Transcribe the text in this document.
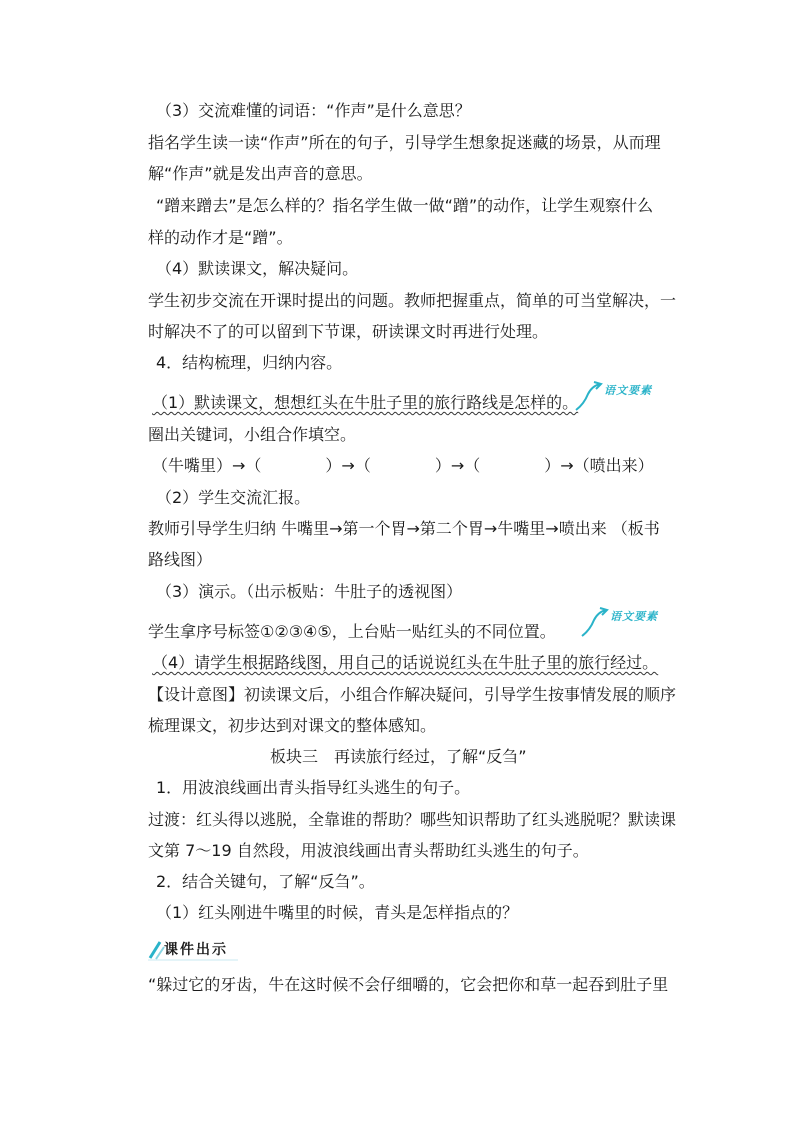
（3）交流难懂的词语：“作声”是什么意思？
指名学生读一读“作声”所在的句子，引导学生想象捉迷藏的场景，从而理
解“作声”就是发出声音的意思。
“蹭来蹭去”是怎么样的？指名学生做一做“蹭”的动作，让学生观察什么
样的动作才是“蹭”。
（4）默读课文，解决疑问。
学生初步交流在开课时提出的问题。教师把握重点，简单的可当堂解决，一
时解决不了的可以留到下节课，研读课文时再进行处理。
4．结构梳理，归纳内容。
（1）默读课文，想想红头在牛肚子里的旅行路线是怎样的。
语文要素
圈出关键词，小组合作填空。
（牛嘴里）→（　　　　）→（　　　　）→（　　　　）→（喷出来）
（2）学生交流汇报。
教师引导学生归纳 牛嘴里→第一个胃→第二个胃→牛嘴里→喷出来 （板书
路线图）
（3）演示。（出示板贴：牛肚子的透视图）
学生拿序号标签①②③④⑤，上台贴一贴红头的不同位置。
语文要素
（4）请学生根据路线图，用自己的话说说红头在牛肚子里的旅行经过。
【设计意图】初读课文后，小组合作解决疑问，引导学生按事情发展的顺序
梳理课文，初步达到对课文的整体感知。
板块三　再读旅行经过，了解“反刍”
1．用波浪线画出青头指导红头逃生的句子。
过渡：红头得以逃脱，全靠谁的帮助？哪些知识帮助了红头逃脱呢？默读课
文第 7～19 自然段，用波浪线画出青头帮助红头逃生的句子。
2．结合关键句，了解“反刍”。
（1）红头刚进牛嘴里的时候，青头是怎样指点的？
课件出示
“躲过它的牙齿，牛在这时候不会仔细嚼的，它会把你和草一起吞到肚子里
